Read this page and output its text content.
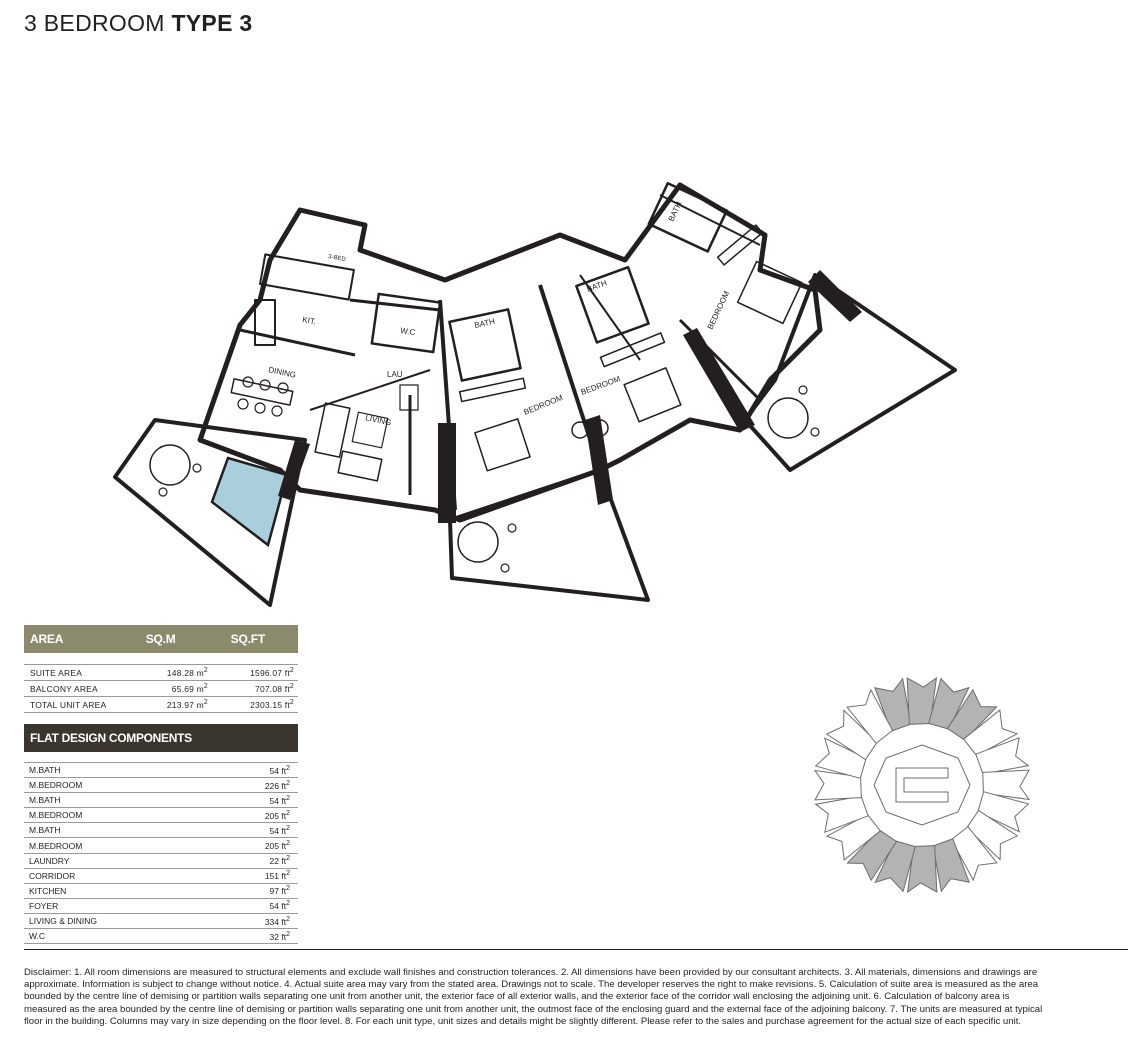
3 BEDROOM TYPE 3
KIT.
DINING
LIVING
W.C
LAU
BATH
BATH
BATH
BEDROOM
BEDROOM
BEDROOM
3-BED
AREA	SQ.M	SQ.FT
SUITE AREA	148.28 $m^2$	1596.07 $ft^2$
BALCONY AREA	65.69 $m^2$	707.08 $ft^2$
TOTAL UNIT AREA	213.97 $m^2$	2303.15 $ft^2$
FLAT DESIGN COMPONENTS
M.BATH	54 $ft^2$
M.BEDROOM	226 $ft^2$
M.BATH	54 $ft^2$
M.BEDROOM	205 $ft^2$
M.BATH	54 $ft^2$
M.BEDROOM	205 $ft^2$
LAUNDRY	22 $ft^2$
CORRIDOR	151 $ft^2$
KITCHEN	97 $ft^2$
FOYER	54 $ft^2$
LIVING & DINING	334 $ft^2$
W.C	32 $ft^2$
Disclaimer: 1. All room dimensions are measured to structural elements and exclude wall finishes and construction tolerances. 2. All dimensions have been provided by our consultant architects. 3. All materials, dimensions and drawings are approximate. Information is subject to change without notice. 4. Actual suite area may vary from the stated area. Drawings not to scale. The developer reserves the right to make revisions. 5. Calculation of suite area is measured as the area bounded by the centre line of demising or partition walls separating one unit from another unit, the exterior face of all exterior walls, and the exterior face of the corridor wall enclosing the adjoining unit. 6. Calculation of balcony area is measured as the area bounded by the centre line of demising or partition walls separating one unit from another unit, the outmost face of the enclosing guard and the external face of the adjoining balcony. 7. The units are measured at typical floor in the building. Columns may vary in size depending on the floor level. 8. For each unit type, unit sizes and details might be slightly different. Please refer to the sales and purchase agreement for the actual size of each specific unit.
